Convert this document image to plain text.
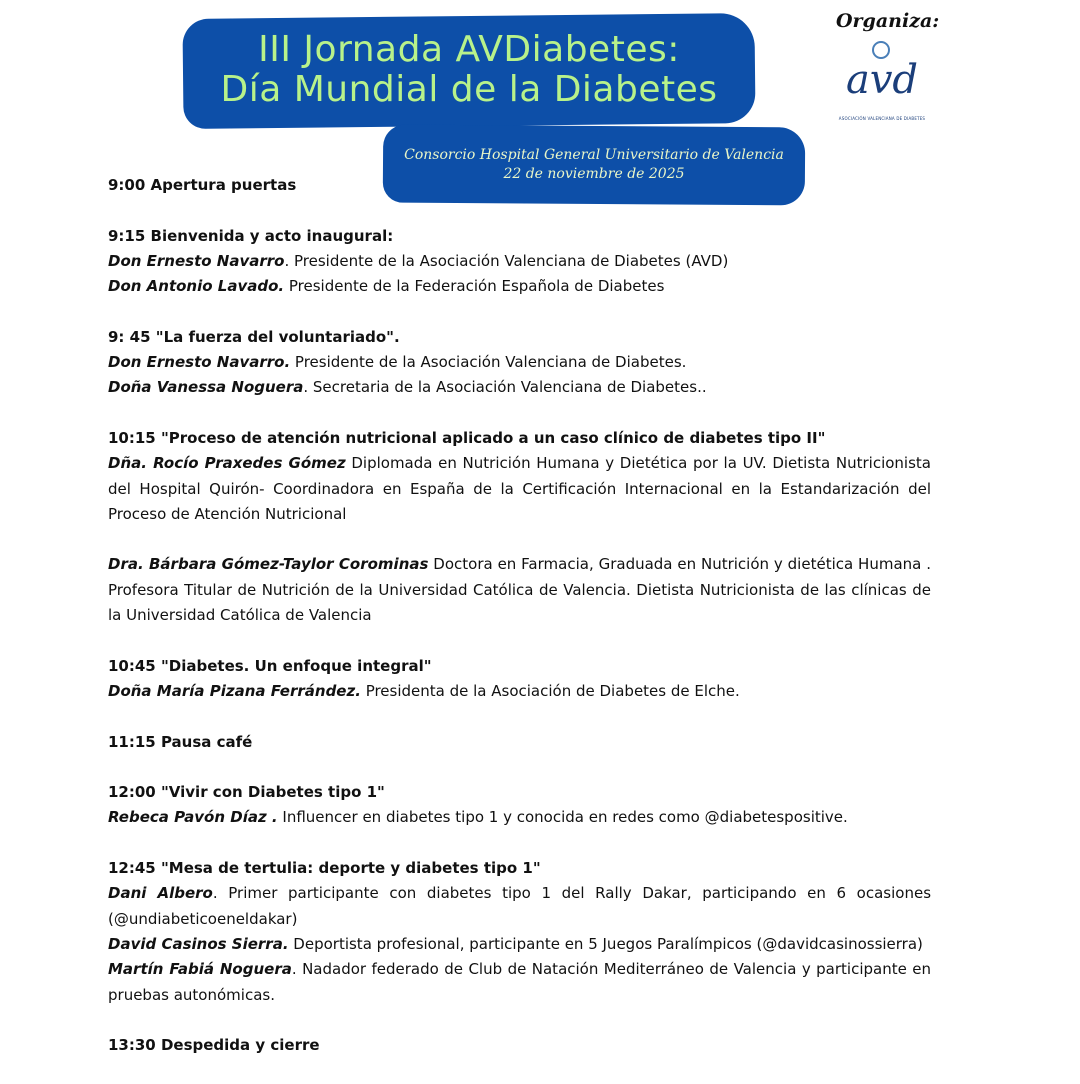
III Jornada AVDiabetes:
Día Mundial de la Diabetes
Consorcio Hospital General Universitario de Valencia
22 de noviembre de 2025
Organiza:
avd
ASOCIACIÓN VALENCIANA DE DIABETES

9:00 Apertura puertas

9:15 Bienvenida y acto inaugural:

Don Ernesto Navarro. Presidente de la Asociación Valenciana de Diabetes (AVD)

Don Antonio Lavado. Presidente de la Federación Española de Diabetes

9: 45 "La fuerza del voluntariado".

Don Ernesto Navarro. Presidente de la Asociación Valenciana de Diabetes.

Doña Vanessa Noguera. Secretaria de la Asociación Valenciana de Diabetes..

10:15 "Proceso de atención nutricional aplicado a un caso clínico de diabetes tipo II"

Dña. Rocío Praxedes Gómez Diplomada en Nutrición Humana y Dietética por la UV. Dietista Nutricionista del Hospital Quirón- Coordinadora en España de la Certificación Internacional en la Estandarización del Proceso de Atención Nutricional

Dra. Bárbara Gómez-Taylor Corominas Doctora en Farmacia, Graduada en Nutrición y dietética Humana . Profesora Titular de Nutrición de la Universidad Católica de Valencia. Dietista Nutricionista de las clínicas de la Universidad Católica de Valencia

10:45 "Diabetes. Un enfoque integral"

Doña María Pizana Ferrández. Presidenta de la Asociación de Diabetes de Elche.

11:15 Pausa café

12:00 "Vivir con Diabetes tipo 1"

Rebeca Pavón Díaz . Influencer en diabetes tipo 1 y conocida en redes como @diabetespositive.

12:45 "Mesa de tertulia: deporte y diabetes tipo 1"

Dani Albero. Primer participante con diabetes tipo 1 del Rally Dakar, participando en 6 ocasiones (@undiabeticoeneldakar)

David Casinos Sierra. Deportista profesional, participante en 5 Juegos Paralímpicos (@davidcasinossierra)

Martín Fabiá Noguera. Nadador federado de Club de Natación Mediterráneo de Valencia y participante en pruebas autonómicas.

13:30 Despedida y cierre
